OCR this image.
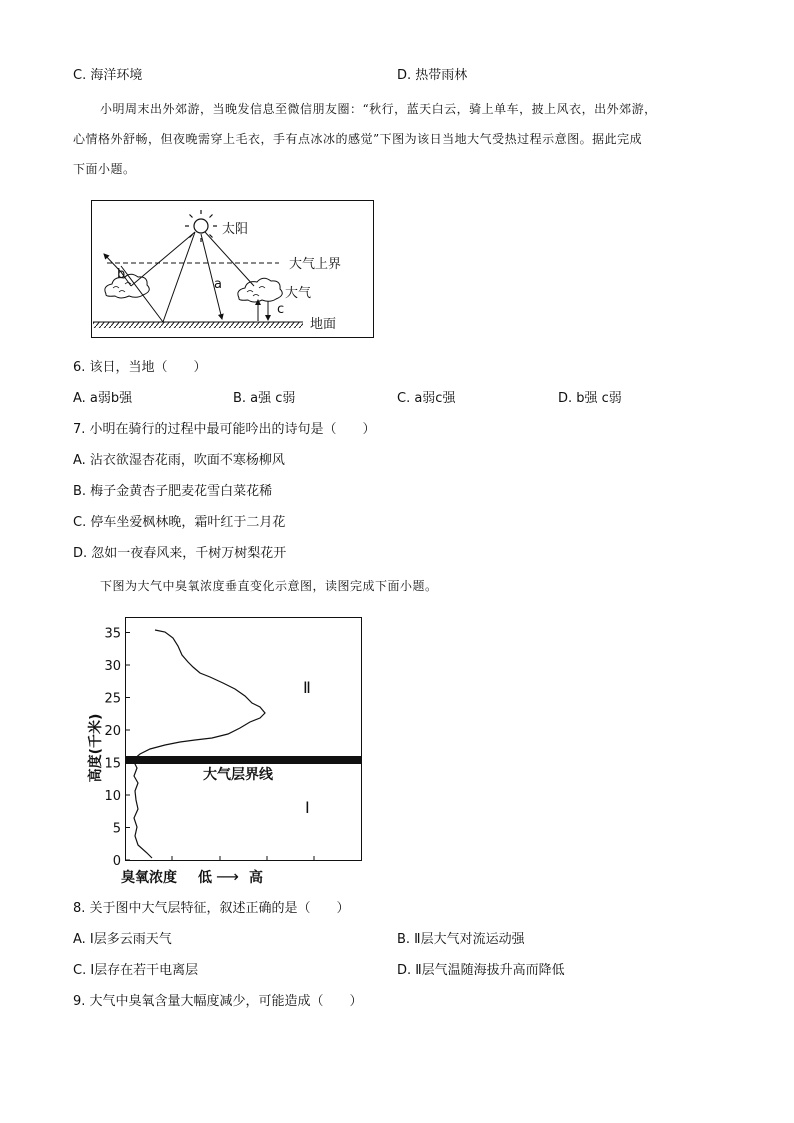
C. 海洋环境	D. 热带雨林
小明周末出外郊游，当晚发信息至微信朋友圈：“秋行，蓝天白云，骑上单车，披上风衣，出外郊游，
心情格外舒畅，但夜晚需穿上毛衣，手有点冰冰的感觉”下图为该日当地大气受热过程示意图。据此完成
下面小题。
太阳
大气上界
地面
大气
b
a
c
6. 该日，当地（　　）
A. a弱b强	B. a强 c弱	C. a弱c强	D. b强 c弱
7. 小明在骑行的过程中最可能吟出的诗句是（　　）
A. 沾衣欲湿杏花雨，吹面不寒杨柳风
B. 梅子金黄杏子肥麦花雪白菜花稀
C. 停车坐爱枫林晚，霜叶红于二月花
D. 忽如一夜春风来，千树万树梨花开
下图为大气中臭氧浓度垂直变化示意图，读图完成下面小题。
0
5
10
15
20
25
30
35
高度(千米)	大气层界线
Ⅰ
Ⅱ
臭氧浓度 低 ⟶ 高
8. 关于图中大气层特征，叙述正确的是（　　）
A. Ⅰ层多云雨天气	B. Ⅱ层大气对流运动强
C. Ⅰ层存在若干电离层	D. Ⅱ层气温随海拔升高而降低
9. 大气中臭氧含量大幅度减少，可能造成（　　）
